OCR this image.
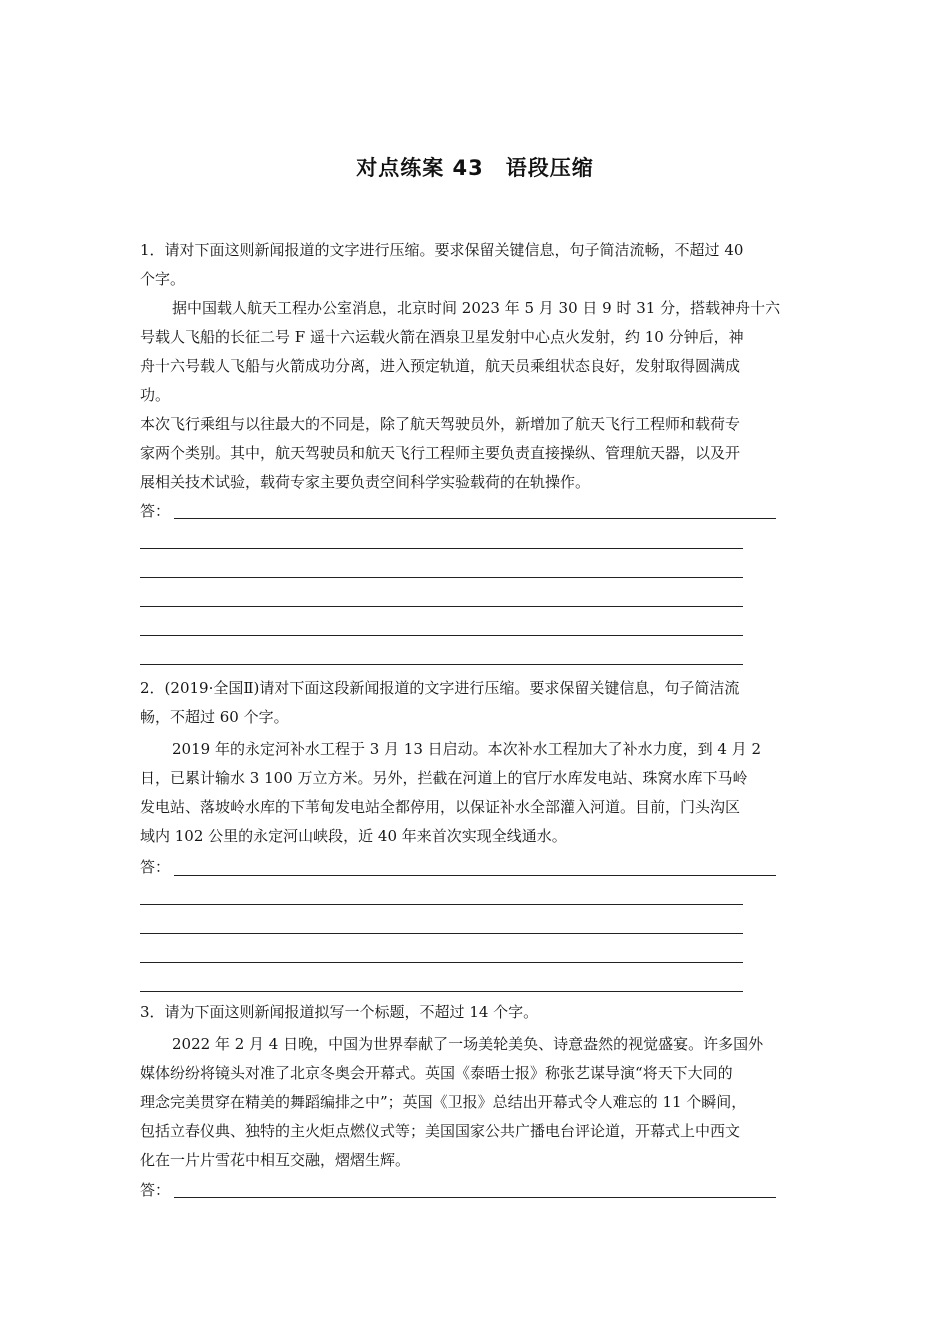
对点练案 43　语段压缩
1．请对下面这则新闻报道的文字进行压缩。要求保留关键信息，句子简洁流畅，不超过 40
个字。
据中国载人航天工程办公室消息，北京时间 2023 年 5 月 30 日 9 时 31 分，搭载神舟十六
号载人飞船的长征二号 F 遥十六运载火箭在酒泉卫星发射中心点火发射，约 10 分钟后，神
舟十六号载人飞船与火箭成功分离，进入预定轨道，航天员乘组状态良好，发射取得圆满成
功。
本次飞行乘组与以往最大的不同是，除了航天驾驶员外，新增加了航天飞行工程师和载荷专
家两个类别。其中，航天驾驶员和航天飞行工程师主要负责直接操纵、管理航天器，以及开
展相关技术试验，载荷专家主要负责空间科学实验载荷的在轨操作。
答：
2．(2019·全国Ⅱ)请对下面这段新闻报道的文字进行压缩。要求保留关键信息，句子简洁流
畅，不超过 60 个字。
2019 年的永定河补水工程于 3 月 13 日启动。本次补水工程加大了补水力度，到 4 月 2
日，已累计输水 3 100 万立方米。另外，拦截在河道上的官厅水库发电站、珠窝水库下马岭
发电站、落坡岭水库的下苇甸发电站全都停用，以保证补水全部灌入河道。目前，门头沟区
域内 102 公里的永定河山峡段，近 40 年来首次实现全线通水。
答：
3．请为下面这则新闻报道拟写一个标题，不超过 14 个字。
2022 年 2 月 4 日晚，中国为世界奉献了一场美轮美奂、诗意盎然的视觉盛宴。许多国外
媒体纷纷将镜头对准了北京冬奥会开幕式。英国《泰晤士报》称张艺谋导演“将天下大同的
理念完美贯穿在精美的舞蹈编排之中”；英国《卫报》总结出开幕式令人难忘的 11 个瞬间，
包括立春仪典、独特的主火炬点燃仪式等；美国国家公共广播电台评论道，开幕式上中西文
化在一片片雪花中相互交融，熠熠生辉。
答：
